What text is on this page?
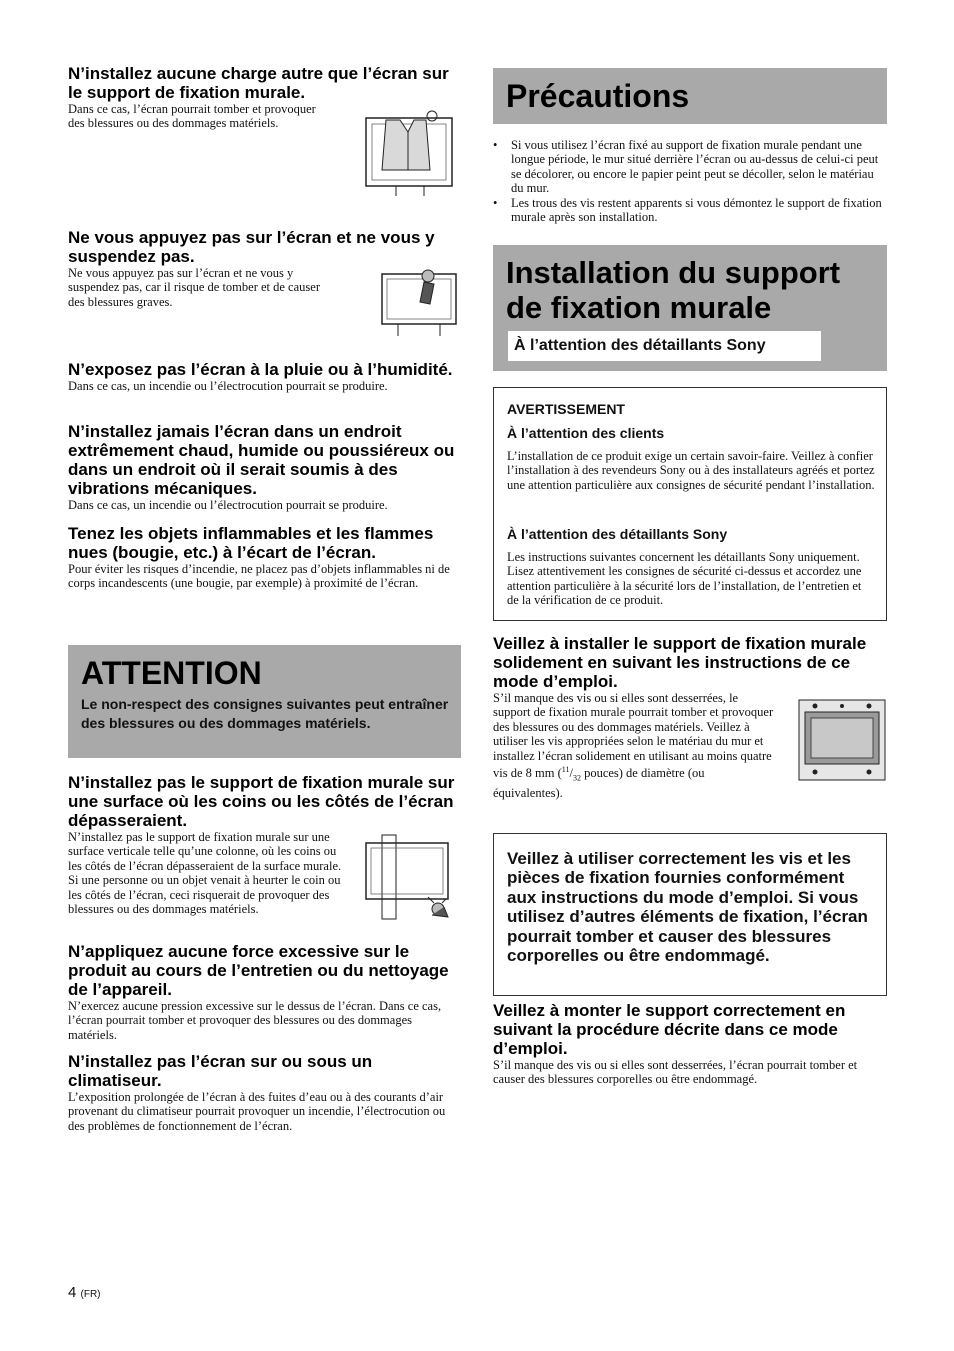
N’installez aucune charge autre que l’écran sur le support de fixation murale.

Dans ce cas, l’écran pourrait tomber et provoquer des blessures ou des dommages matériels.

Ne vous appuyez pas sur l’écran et ne vous y suspendez pas.

Ne vous appuyez pas sur l’écran et ne vous y suspendez pas, car il risque de tomber et de causer des blessures graves.

N’exposez pas l’écran à la pluie ou à l’humidité.

Dans ce cas, un incendie ou l’électrocution pourrait se produire.

N’installez jamais l’écran dans un endroit extrêmement chaud, humide ou poussiéreux ou dans un endroit où il serait soumis à des vibrations mécaniques.

Dans ce cas, un incendie ou l’électrocution pourrait se produire.

Tenez les objets inflammables et les flammes nues (bougie, etc.) à l’écart de l’écran.

Pour éviter les risques d’incendie, ne placez pas d’objets inflammables ni de corps incandescents (une bougie, par exemple) à proximité de l’écran.

ATTENTION
Le non-respect des consignes suivantes peut entraîner des blessures ou des dommages matériels.
N’installez pas le support de fixation murale sur une surface où les coins ou les côtés de l’écran dépasseraient.

N’installez pas le support de fixation murale sur une surface verticale telle qu’une colonne, où les coins ou les côtés de l’écran dépasseraient de la surface murale. Si une personne ou un objet venait à heurter le coin ou les côtés de l’écran, ceci risquerait de provoquer des blessures ou des dommages matériels.

N’appliquez aucune force excessive sur le produit au cours de l’entretien ou du nettoyage de l’appareil.

N’exercez aucune pression excessive sur le dessus de l’écran. Dans ce cas, l’écran pourrait tomber et provoquer des blessures ou des dommages matériels.

N’installez pas l’écran sur ou sous un climatiseur.

L’exposition prolongée de l’écran à des fuites d’eau ou à des courants d’air provenant du climatiseur pourrait provoquer un incendie, l’électrocution ou des problèmes de fonctionnement de l’écran.

Précautions
• Si vous utilisez l’écran fixé au support de fixation murale pendant une longue période, le mur situé derrière l’écran ou au-dessus de celui-ci peut se décolorer, ou encore le papier peint peut se décoller, selon le matériau du mur.
• Les trous des vis restent apparents si vous démontez le support de fixation murale après son installation.
Installation du support
de fixation murale
À l’attention des détaillants Sony
AVERTISSEMENT
À l’attention des clients

L’installation de ce produit exige un certain savoir-faire. Veillez à confier l’installation à des revendeurs Sony ou à des installateurs agréés et portez une attention particulière aux consignes de sécurité pendant l’installation.

À l’attention des détaillants Sony

Les instructions suivantes concernent les détaillants Sony uniquement. Lisez attentivement les consignes de sécurité ci-dessus et accordez une attention particulière à la sécurité lors de l’installation, de l’entretien et de la vérification de ce produit.

Veillez à installer le support de fixation murale solidement en suivant les instructions de ce mode d’emploi.

S’il manque des vis ou si elles sont desserrées, le support de fixation murale pourrait tomber et provoquer des blessures ou des dommages matériels. Veillez à utiliser les vis appropriées selon le matériau du mur et installez l’écran solidement en utilisant au moins quatre vis de 8 mm ($^{11}/_{32}$ pouces) de diamètre (ou équivalentes).

Veillez à utiliser correctement les vis et les pièces de fixation fournies conformément aux instructions du mode d’emploi. Si vous utilisez d’autres éléments de fixation, l’écran pourrait tomber et causer des blessures corporelles ou être endommagé.
Veillez à monter le support correctement en suivant la procédure décrite dans ce mode d’emploi.

S’il manque des vis ou si elles sont desserrées, l’écran pourrait tomber et causer des blessures corporelles ou être endommagé.

4 (FR)
